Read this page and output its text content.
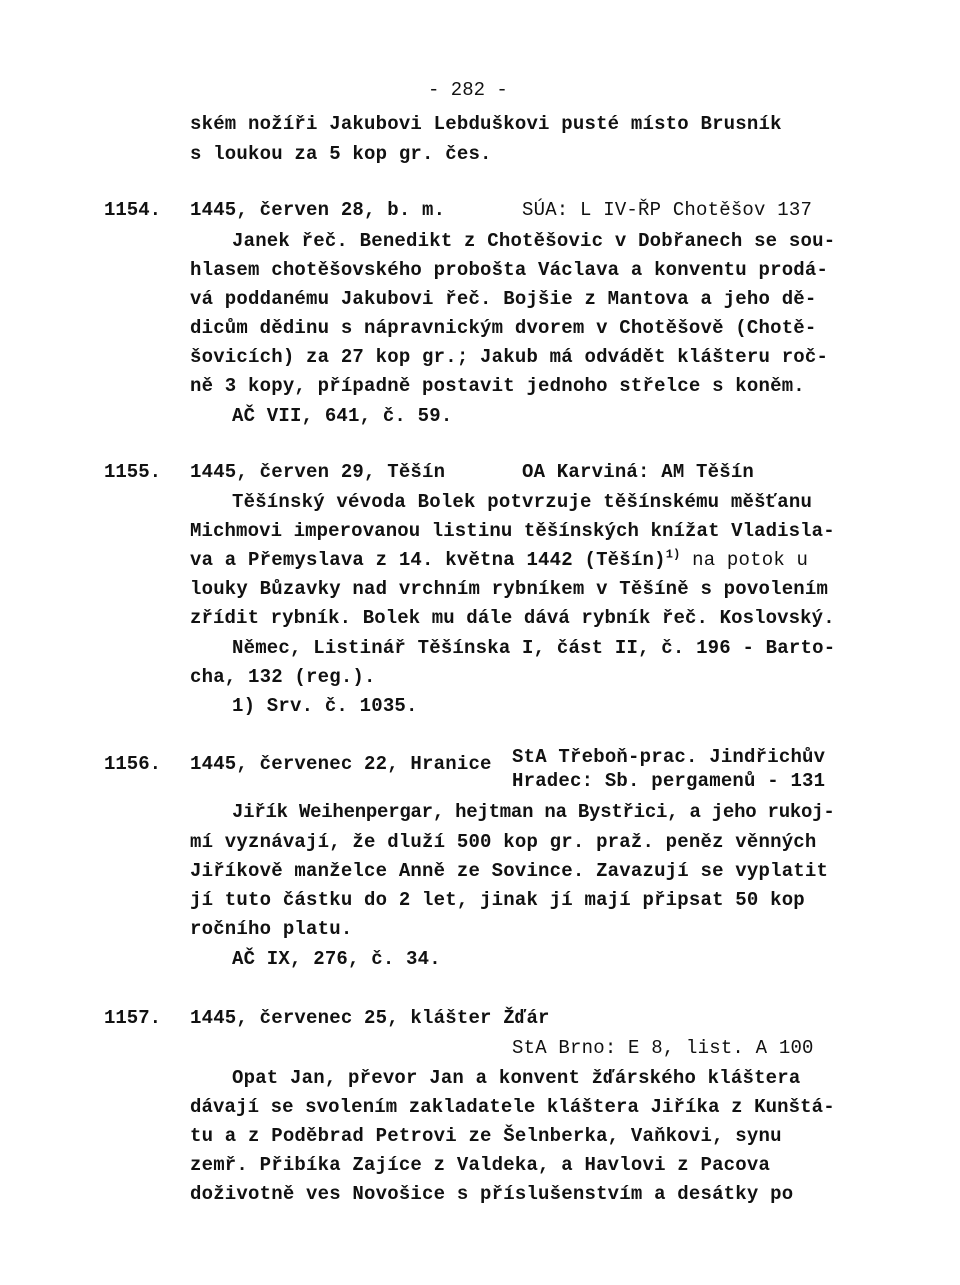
- 282 -
ském nožíři Jakubovi Lebduškovi pusté místo Brusník
s loukou za 5 kop gr. čes.
1154. 1445, červen 28, b. m.	SÚA: L IV-ŘP Chotěšov 137
Janek řeč. Benedikt z Chotěšovic v Dobřanech se sou-
hlasem chotěšovského probošta Václava a konventu prodá-
vá poddanému Jakubovi řeč. Bojšie z Mantova a jeho dě-
dicům dědinu s nápravnickým dvorem v Chotěšově (Chotě-
šovicích) za 27 kop gr.; Jakub má odvádět klášteru roč-
ně 3 kopy, případně postavit jednoho střelce s koněm.
AČ VII, 641, č. 59.
1155. 1445, červen 29, Těšín	OA Karviná: AM Těšín
Těšínský vévoda Bolek potvrzuje těšínskému měšťanu
Michmovi imperovanou listinu těšínských knížat Vladisla-
va a Přemyslava z 14. května 1442 (Těšín)$^{1)}$ na potok u
louky Bůzavky nad vrchním rybníkem v Těšíně s povolením
zřídit rybník. Bolek mu dále dává rybník řeč. Koslovský.
Němec, Listinář Těšínska I, část II, č. 196 - Barto-
cha, 132 (reg.).
1) Srv. č. 1035.
1156. 1445, červenec 22, Hranice StA Třeboň-prac. Jindřichův
Hradec: Sb. pergamenů - 131
Jiřík Weihenpergar, hejtman na Bystřici, a jeho rukoj-
mí vyznávají, že dluží 500 kop gr. praž. peněz věnných
Jiříkově manželce Anně ze Sovince. Zavazují se vyplatit
jí tuto částku do 2 let, jinak jí mají připsat 50 kop
ročního platu.
AČ IX, 276, č. 34.
1157. 1445, červenec 25, klášter Žďár
StA Brno: E 8, list. A 100
Opat Jan, převor Jan a konvent žďárského kláštera
dávají se svolením zakladatele kláštera Jiříka z Kunštá-
tu a z Poděbrad Petrovi ze Šelnberka, Vaňkovi, synu
zemř. Přibíka Zajíce z Valdeka, a Havlovi z Pacova
doživotně ves Novošice s příslušenstvím a desátky po
